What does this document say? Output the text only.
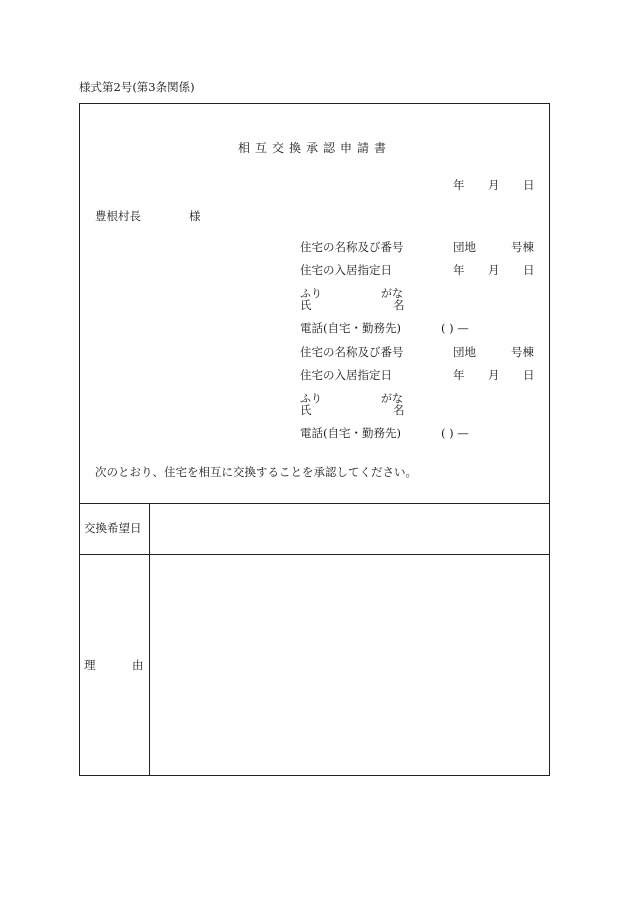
様式第2号(第3条関係)
相互交換承認申請書
年 月 日
豊根村長	様
住宅の名称及び番号	団地	号棟
住宅の入居指定日	年 月 日
ふり	がな
氏	名
電話(自宅・勤務先)	( ) —
住宅の名称及び番号	団地	号棟
住宅の入居指定日	年 月 日
ふり	がな
氏	名
電話(自宅・勤務先)	( ) —
次のとおり、住宅を相互に交換することを承認してください。
交換希望日
理	由
